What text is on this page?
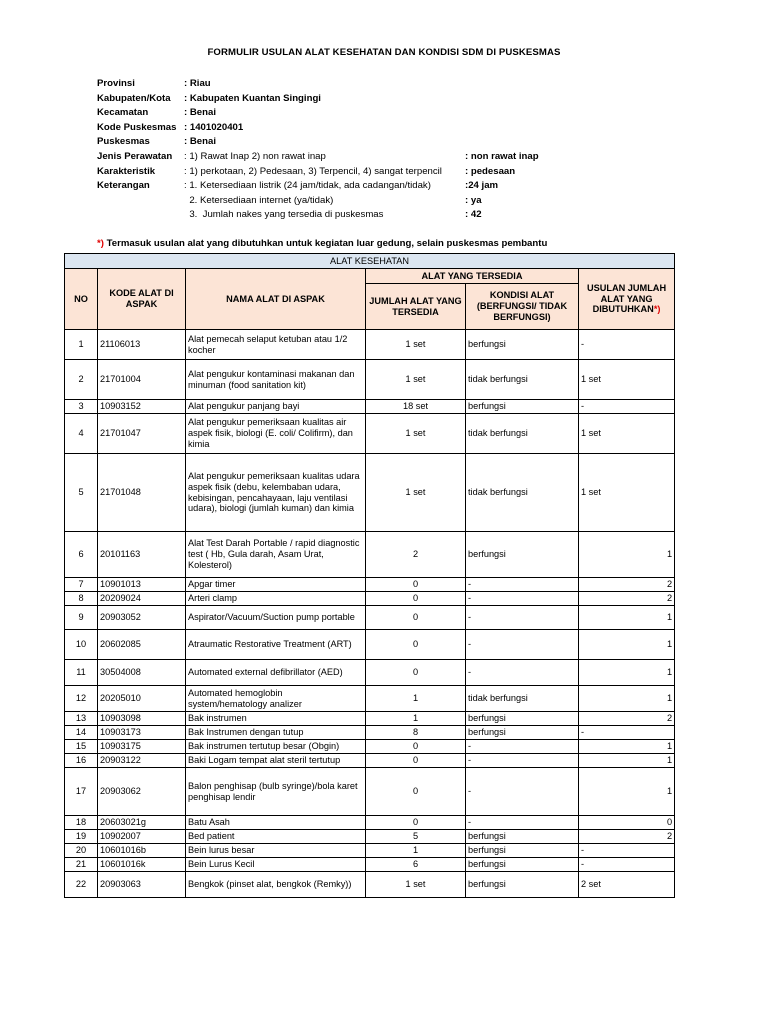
FORMULIR USULAN ALAT KESEHATAN DAN KONDISI SDM DI PUSKESMAS
Provinsi	: Riau
Kabupaten/Kota : Kabupaten Kuantan Singingi
Kecamatan	: Benai
Kode Puskesmas : 1401020401
Puskesmas	: Benai
Jenis Perawatan : 1) Rawat Inap 2) non rawat inap	: non rawat inap
Karakteristik	: 1) perkotaan, 2) Pedesaan, 3) Terpencil, 4) sangat terpencil : pedesaan
Keterangan	: 1. Ketersediaan listrik (24 jam/tidak, ada cadangan/tidak)	:24 jam
2. Ketersediaan internet (ya/tidak)	: ya
3.  Jumlah nakes yang tersedia di puskesmas	: 42
*) Termasuk usulan alat yang dibutuhkan untuk kegiatan luar gedung, selain puskesmas pembantu
ALAT KESEHATAN					
NO	KODE ALAT DI ASPAK	NAMA ALAT DI ASPAK	ALAT YANG TERSEDIA		USULAN JUMLAH ALAT YANG DIBUTUHKAN*)
			JUMLAH ALAT YANG TERSEDIA	KONDISI ALAT (BERFUNGSI/ TIDAK BERFUNGSI)	
1	21106013	Alat pemecah selaput ketuban atau 1/2 kocher	1 set	berfungsi	-
2	21701004	Alat pengukur kontaminasi makanan dan minuman (food sanitation kit)	1 set	tidak berfungsi	1 set
3	10903152	Alat pengukur panjang bayi	18 set	berfungsi	-
4	21701047	Alat pengukur pemeriksaan kualitas air aspek fisik, biologi (E. coli/ Colifirm), dan kimia	1 set	tidak berfungsi	1 set
5	21701048	Alat pengukur pemeriksaan kualitas udara aspek fisik (debu, kelembaban udara, kebisingan, pencahayaan, laju ventilasi udara), biologi (jumlah kuman) dan kimia	1 set	tidak berfungsi	1 set
6	20101163	Alat Test Darah Portable / rapid diagnostic test ( Hb, Gula darah, Asam Urat, Kolesterol)	2	berfungsi	1
7	10901013	Apgar timer	0	-	2
8	20209024	Arteri clamp	0	-	2
9	20903052	Aspirator/Vacuum/Suction pump portable	0	-	1
10	20602085	Atraumatic Restorative Treatment (ART)	0	-	1
11	30504008	Automated external defibrillator (AED)	0	-	1
12	20205010	Automated hemoglobin system/hematology analizer	1	tidak berfungsi	1
13	10903098	Bak instrumen	1	berfungsi	2
14	10903173	Bak Instrumen dengan tutup	8	berfungsi	-
15	10903175	Bak instrumen tertutup besar (Obgin)	0	-	1
16	20903122	Baki Logam tempat alat steril tertutup	0	-	1
17	20903062	Balon penghisap (bulb syringe)/bola karet penghisap lendir	0	-	1
18	20603021g	Batu Asah	0	-	0
19	10902007	Bed patient	5	berfungsi	2
20	10601016b	Bein lurus besar	1	berfungsi	-
21	10601016k	Bein Lurus Kecil	6	berfungsi	-
22	20903063	Bengkok (pinset alat, bengkok (Remky))	1 set	berfungsi	2 set
